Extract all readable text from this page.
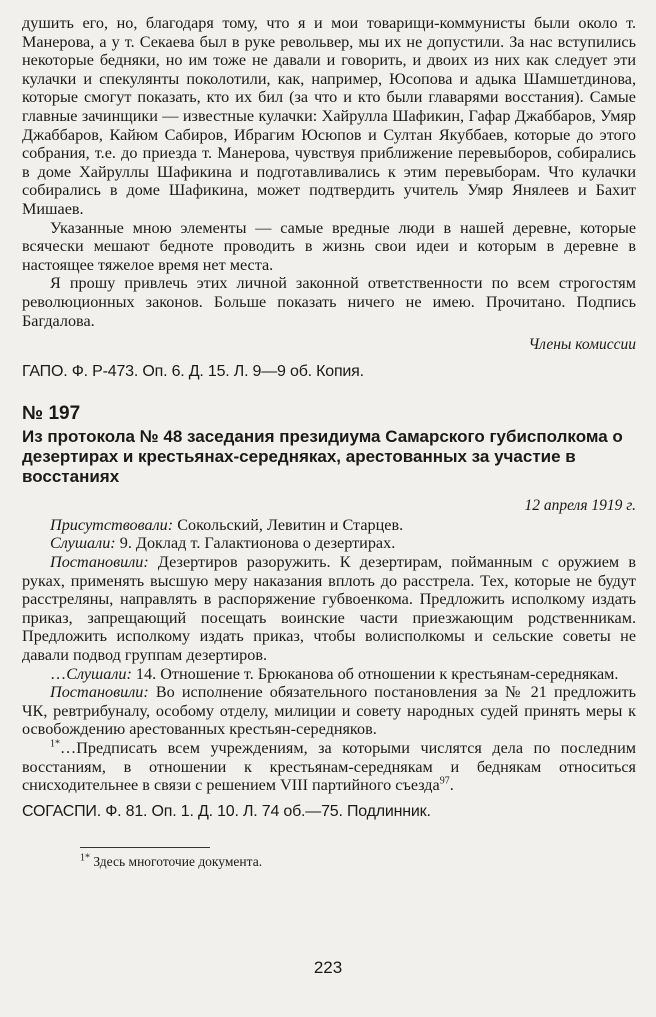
душить его, но, благодаря тому, что я и мои товарищи-коммунисты были около т. Манерова, а у т. Секаева был в руке револьвер, мы их не допустили. За нас вступились некоторые бедняки, но им тоже не давали и говорить, и двоих из них как следует эти кулачки и спекулянты поколотили, как, например, Юсопова и адыка Шамшетдинова, которые смогут показать, кто их бил (за что и кто были главарями восстания). Самые главные зачинщики — известные кулачки: Хайрулла Шафикин, Гафар Джаббаров, Умяр Джаббаров, Кайюм Сабиров, Ибрагим Юсюпов и Султан Якуббаев, которые до этого собрания, т.е. до приезда т. Манерова, чувствуя приближение перевыборов, собирались в доме Хайруллы Шафикина и подготавливались к этим перевыборам. Что кулачки собирались в доме Шафикина, может подтвердить учитель Умяр Янялеев и Бахит Мишаев.

Указанные мною элементы — самые вредные люди в нашей деревне, которые всячески мешают бедноте проводить в жизнь свои идеи и которым в деревне в настоящее тяжелое время нет места.

Я прошу привлечь этих личной законной ответственности по всем строгостям революционных законов. Больше показать ничего не имею. Прочитано. Подпись Багдалова.

Члены комиссии

ГАПО. Ф. Р-473. Оп. 6. Д. 15. Л. 9—9 об. Копия.

№ 197
Из протокола № 48 заседания президиума Самарского губисполкома о дезертирах и крестьянах-середняках, арестованных за участие в восстаниях

12 апреля 1919 г.

Присутствовали: Сокольский, Левитин и Старцев.

Слушали: 9. Доклад т. Галактионова о дезертирах.

Постановили: Дезертиров разоружить. К дезертирам, пойманным с оружием в руках, применять высшую меру наказания вплоть до расстрела. Тех, которые не будут расстреляны, направлять в распоряжение губвоенкома. Предложить исполкому издать приказ, запрещающий посещать воинские части приезжающим родственникам. Предложить исполкому издать приказ, чтобы волисполкомы и сельские советы не давали подвод группам дезертиров.

…Слушали: 14. Отношение т. Брюканова об отношении к крестьянам-середнякам.

Постановили: Во исполнение обязательного постановления за № 21 предложить ЧК, ревтрибуналу, особому отделу, милиции и совету народных судей принять меры к освобождению арестованных крестьян-середняков.

$^{1*}$…Предписать всем учреждениям, за которыми числятся дела по последним восстаниям, в отношении к крестьянам-середнякам и беднякам относиться снисходительнее в связи с решением VIII партийного съезда$^{97}$.

СОГАСПИ. Ф. 81. Оп. 1. Д. 10. Л. 74 об.—75. Подлинник.

$^{1*}$ Здесь многоточие документа.
223
